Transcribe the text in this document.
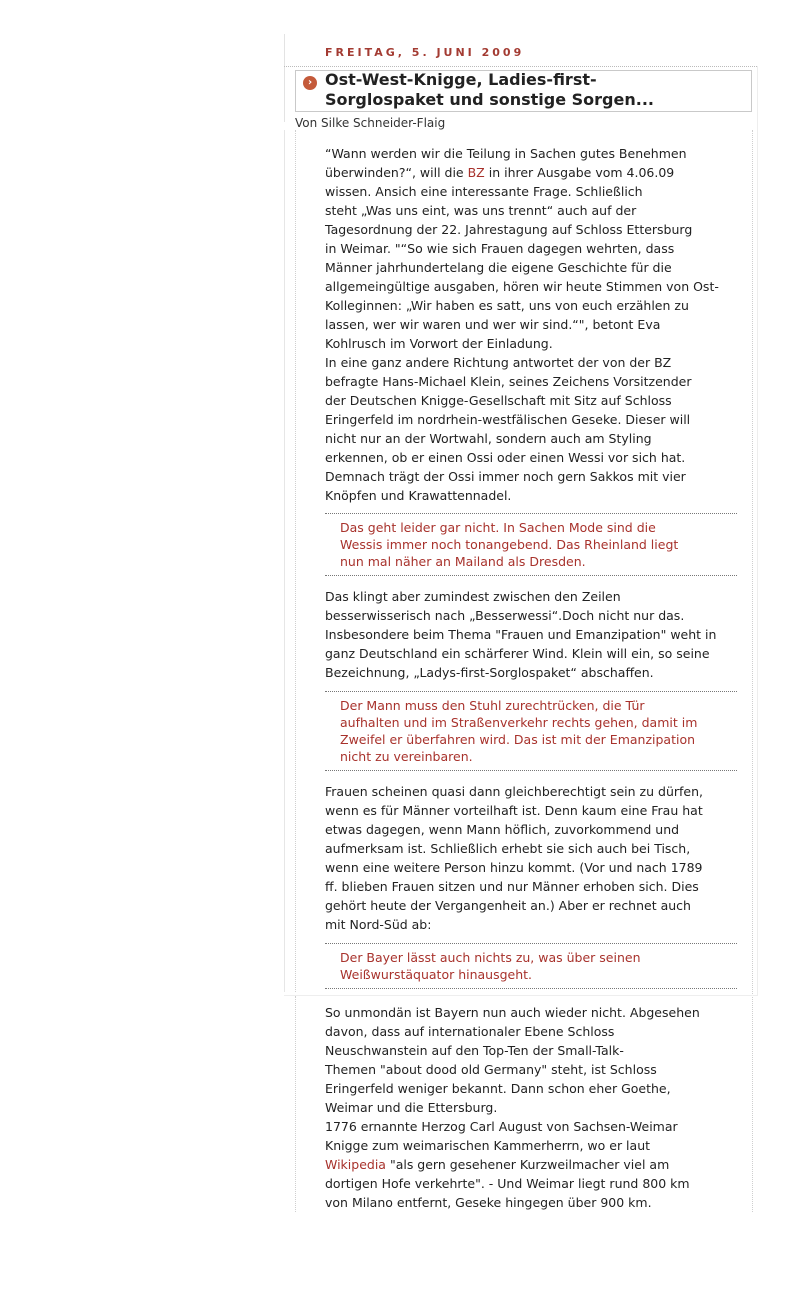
FREITAG, 5. JUNI 2009
› Ost-West-Knigge, Ladies-first-
Sorglospaket und sonstige Sorgen...
Von Silke Schneider-Flaig
“Wann werden wir die Teilung in Sachen gutes Benehmen
überwinden?“, will die BZ in ihrer Ausgabe vom 4.06.09
wissen. Ansich eine interessante Frage. Schließlich
steht „Was uns eint, was uns trennt“ auch auf der
Tagesordnung der 22. Jahrestagung auf Schloss Ettersburg
in Weimar. "“So wie sich Frauen dagegen wehrten, dass
Männer jahrhundertelang die eigene Geschichte für die
allgemeingültige ausgaben, hören wir heute Stimmen von Ost-
Kolleginnen: „Wir haben es satt, uns von euch erzählen zu
lassen, wer wir waren und wer wir sind.“", betont Eva
Kohlrusch im Vorwort der Einladung.
In eine ganz andere Richtung antwortet der von der BZ
befragte Hans-Michael Klein, seines Zeichens Vorsitzender
der Deutschen Knigge-Gesellschaft mit Sitz auf Schloss
Eringerfeld im nordrhein-westfälischen Geseke. Dieser will
nicht nur an der Wortwahl, sondern auch am Styling
erkennen, ob er einen Ossi oder einen Wessi vor sich hat.
Demnach trägt der Ossi immer noch gern Sakkos mit vier
Knöpfen und Krawattennadel.
Das geht leider gar nicht. In Sachen Mode sind die
Wessis immer noch tonangebend. Das Rheinland liegt
nun mal näher an Mailand als Dresden.
Das klingt aber zumindest zwischen den Zeilen
besserwisserisch nach „Besserwessi“.Doch nicht nur das.
Insbesondere beim Thema "Frauen und Emanzipation" weht in
ganz Deutschland ein schärferer Wind. Klein will ein, so seine
Bezeichnung, „Ladys-first-Sorglospaket“ abschaffen.
Der Mann muss den Stuhl zurechtrücken, die Tür
aufhalten und im Straßenverkehr rechts gehen, damit im
Zweifel er überfahren wird. Das ist mit der Emanzipation
nicht zu vereinbaren.
Frauen scheinen quasi dann gleichberechtigt sein zu dürfen,
wenn es für Männer vorteilhaft ist. Denn kaum eine Frau hat
etwas dagegen, wenn Mann höflich, zuvorkommend und
aufmerksam ist. Schließlich erhebt sie sich auch bei Tisch,
wenn eine weitere Person hinzu kommt. (Vor und nach 1789
ff. blieben Frauen sitzen und nur Männer erhoben sich. Dies
gehört heute der Vergangenheit an.) Aber er rechnet auch
mit Nord-Süd ab:
Der Bayer lässt auch nichts zu, was über seinen
Weißwurstäquator hinausgeht.
So unmondän ist Bayern nun auch wieder nicht. Abgesehen
davon, dass auf internationaler Ebene Schloss
Neuschwanstein auf den Top-Ten der Small-Talk-
Themen "about dood old Germany" steht, ist Schloss
Eringerfeld weniger bekannt. Dann schon eher Goethe,
Weimar und die Ettersburg.
1776 ernannte Herzog Carl August von Sachsen-Weimar
Knigge zum weimarischen Kammerherrn, wo er laut
Wikipedia "als gern gesehener Kurzweilmacher viel am
dortigen Hofe verkehrte". - Und Weimar liegt rund 800 km
von Milano entfernt, Geseke hingegen über 900 km.
